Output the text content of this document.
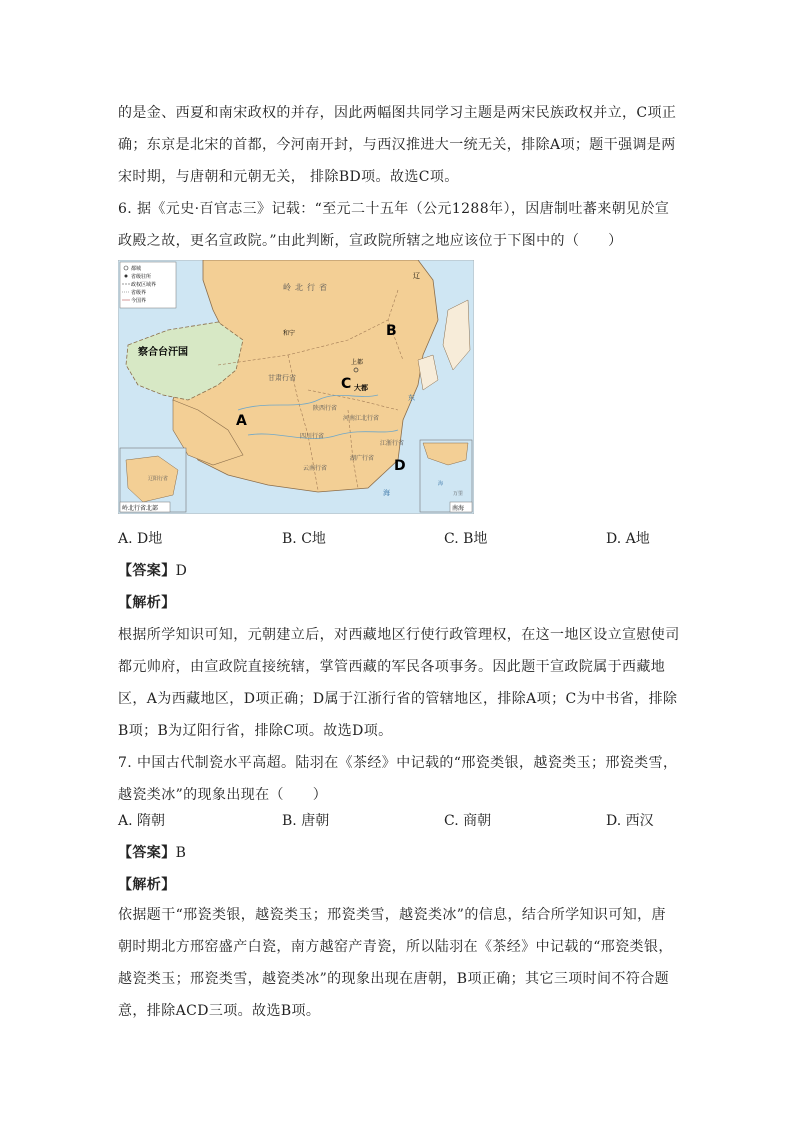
的是金、西夏和南宋政权的并存，因此两幅图共同学习主题是两宋民族政权并立，C项正
确；东京是北宋的首都，今河南开封，与西汉推进大一统无关，排除A项；题干强调是两
宋时期，与唐朝和元朝无关， 排除BD项。故选C项。
6. 据《元史·百官志三》记载：“至元二十五年（公元1288年），因唐制吐蕃来朝见於宣
政殿之故，更名宣政院。”由此判断，宣政院所辖之地应该位于下图中的（　　）
都城
省级驻所
政权区域界
省级界
今国界
辽
岭北行省
察合台汗国
和宁
上都
大都
甘肃行省
陕西行省
河南江北行省
江浙行省
湖广行省
云南行省
四川行省
东
海
A
B
C
D
辽阳行省
岭北行省北部
海
万里
南海
A. D地	B. C地	C. B地	D. A地
【答案】D
【解析】
根据所学知识可知，元朝建立后，对西藏地区行使行政管理权，在这一地区设立宣慰使司
都元帅府，由宣政院直接统辖，掌管西藏的军民各项事务。因此题干宣政院属于西藏地
区，A为西藏地区，D项正确；D属于江浙行省的管辖地区，排除A项；C为中书省，排除
B项；B为辽阳行省，排除C项。故选D项。
7. 中国古代制瓷水平高超。陆羽在《茶经》中记载的“邢瓷类银，越瓷类玉；邢瓷类雪，
越瓷类冰”的现象出现在（　　）
A. 隋朝	B. 唐朝	C. 商朝	D. 西汉
【答案】B
【解析】
依据题干“邢瓷类银，越瓷类玉；邢瓷类雪，越瓷类冰”的信息，结合所学知识可知，唐
朝时期北方邢窑盛产白瓷，南方越窑产青瓷，所以陆羽在《茶经》中记载的“邢瓷类银，
越瓷类玉；邢瓷类雪，越瓷类冰”的现象出现在唐朝，B项正确；其它三项时间不符合题
意，排除ACD三项。故选B项。
